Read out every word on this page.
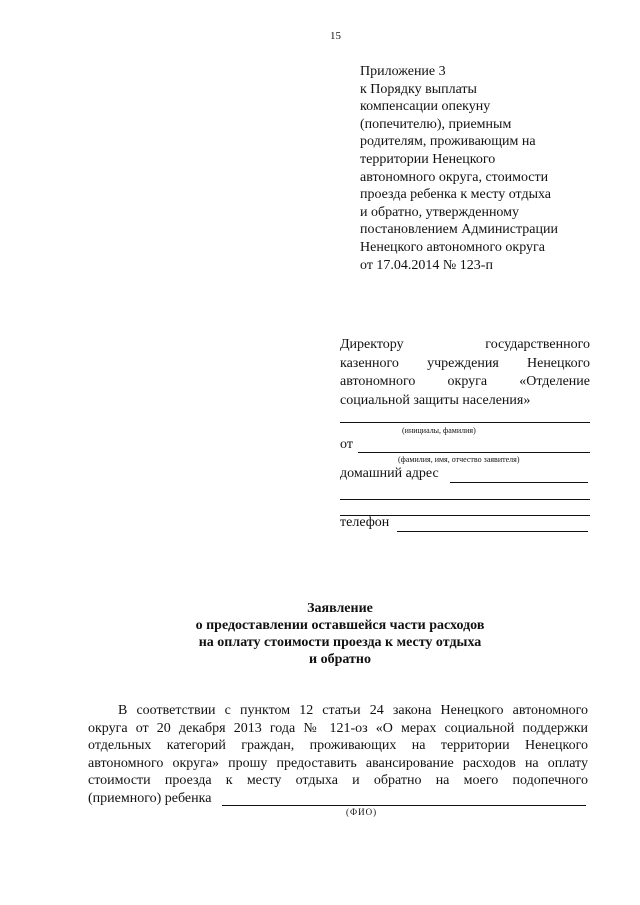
15
Приложение 3
к Порядку выплаты
компенсации опекуну
(попечителю), приемным
родителям, проживающим на
территории Ненецкого
автономного округа, стоимости
проезда ребенка к месту отдыха
и обратно, утвержденному
постановлением Администрации
Ненецкого автономного округа
от 17.04.2014 № 123-п
Директору государственного
казенного учреждения Ненецкого
автономного округа «Отделение
социальной защиты населения»
(инициалы, фамилия)
от
(фамилия, имя, отчество заявителя)
домашний адрес
телефон
Заявление
о предоставлении оставшейся части расходов
на оплату стоимости проезда к месту отдыха
и обратно
В соответствии с пунктом 12 статьи 24 закона Ненецкого автономного
округа от 20 декабря 2013 года № 121-оз «О мерах социальной поддержки
отдельных категорий граждан, проживающих на территории Ненецкого
автономного округа» прошу предоставить авансирование расходов на оплату
стоимости проезда к месту отдыха и обратно на моего подопечного
(приемного) ребенка
(ФИО)
